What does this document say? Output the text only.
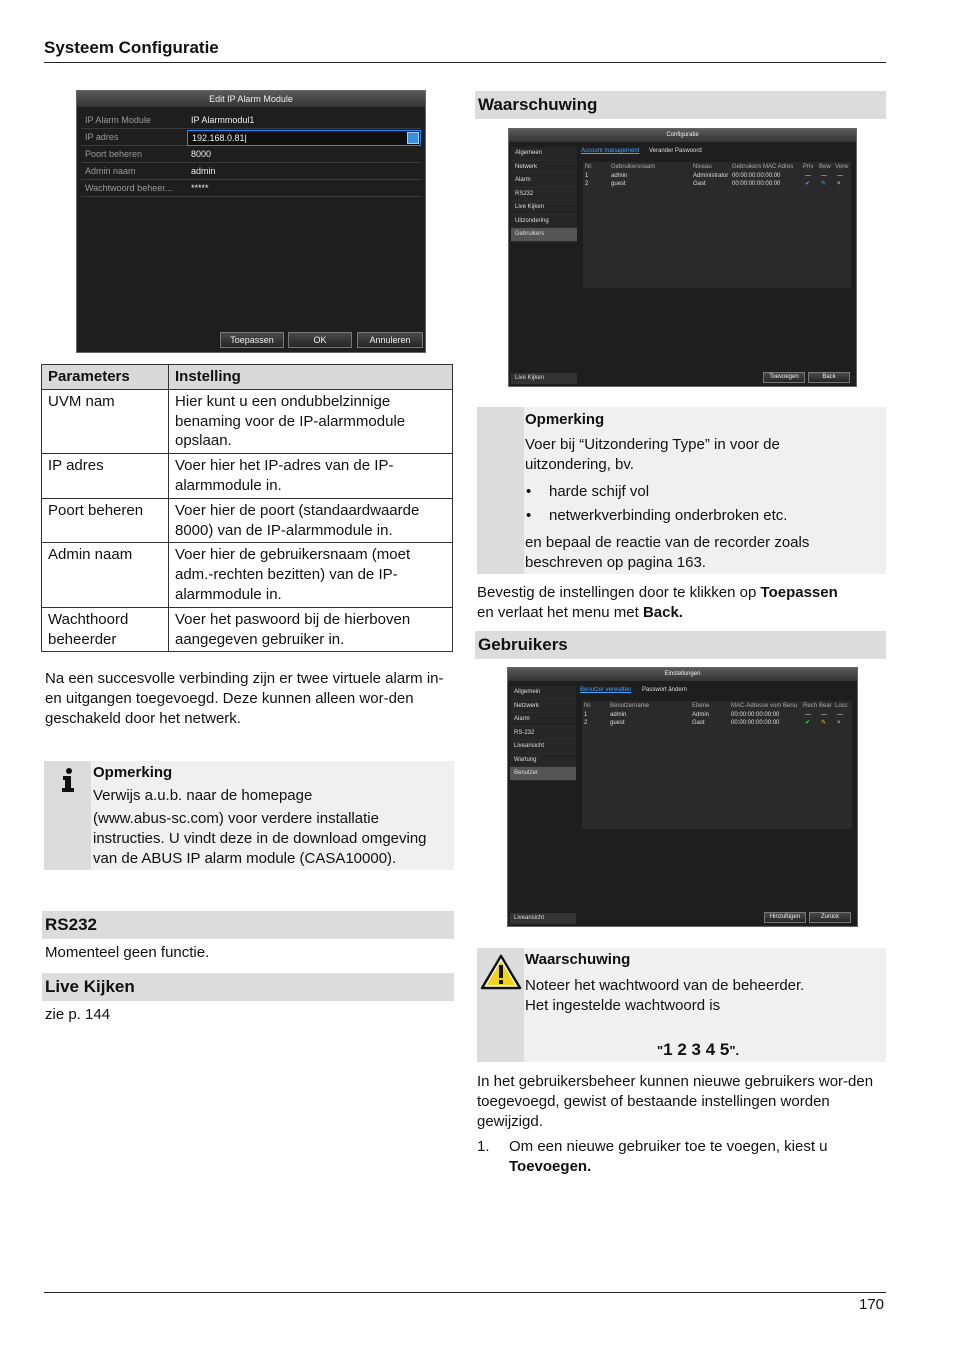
Systeem Configuratie
Edit IP Alarm Module
IP Alarm Module	IP Alarmmodul1
IP adres	192.168.0.81|
Poort beheren	8000
Admin naam	admin
Wachtwoord beheer...	*****
Toepassen	OK	Annuleren
Parameters	Instelling
UVM nam	Hier kunt u een ondubbelzinnige benaming voor de IP-alarmmodule opslaan.
IP adres	Voer hier het IP-adres van de IP-alarmmodule in.
Poort beheren	Voer hier de poort (standaardwaarde 8000) van de IP-alarmmodule in.
Admin naam	Voer hier de gebruikersnaam (moet adm.-rechten bezitten) van de IP-alarmmodule in.
Wachthoord beheerder	Voer het paswoord bij de hierboven aangegeven gebruiker in.
Na een succesvolle verbinding zijn er twee virtuele alarm in- en uitgangen toegevoegd. Deze kunnen alleen wor-den geschakeld door het netwerk.
Opmerking
Verwijs a.u.b. naar de homepage
(www.abus-sc.com) voor verdere installatie instructies. U vindt deze in de download omgeving van de ABUS IP alarm module (CASA10000).
RS232
Momenteel geen functie.
Live Kijken
zie p. 144
Waarschuwing
Configuratie
Algemeen
Netwerk
Alarm
RS232
Live Kijken
Uitzondering
Gebruikers
Live Kijken
Account management Verander Paswoord
Nr.	Gebruikersnaam	Niveau	Gebruikers MAC Adres Priv Bew Verw
1	admin	Administrator 00:00:00:00:00:00	— — —
2	guest	Gast	00:00:00:00:00:00	✔ ✎ ×
Toevoegen	Back
Opmerking
Voer bij “Uitzondering Type” in voor de uitzondering, bv.
• harde schijf vol
• netwerkverbinding onderbroken etc.
en bepaal de reactie van de recorder zoals beschreven op pagina 163.
Bevestig de instellingen door te klikken op Toepassen
en verlaat het menu met Back.
Gebruikers
Einstellungen
Allgemein
Netzwerk
Alarm
RS-232
Liveansicht
Wartung
Benutzer
Liveansicht
Benutzer verwalten Passwort ändern
Nr.	Benutzername	Ebene	MAC-Adresse vom Benu Rech Bear Losc
1	admin	Admin	00:00:00:00:00:00	— — —
2	guest	Gast	00:00:00:00:00:00	✔ ✎ ×
Hinzufügen	Zurück
Waarschuwing
Noteer het wachtwoord van de beheerder.
Het ingestelde wachtwoord is
"1 2 3 4 5".
In het gebruikersbeheer kunnen nieuwe gebruikers wor-den toegevoegd, gewist of bestaande instellingen worden gewijzigd.
1. Om een nieuwe gebruiker toe te voegen, kiest u
Toevoegen.
170
